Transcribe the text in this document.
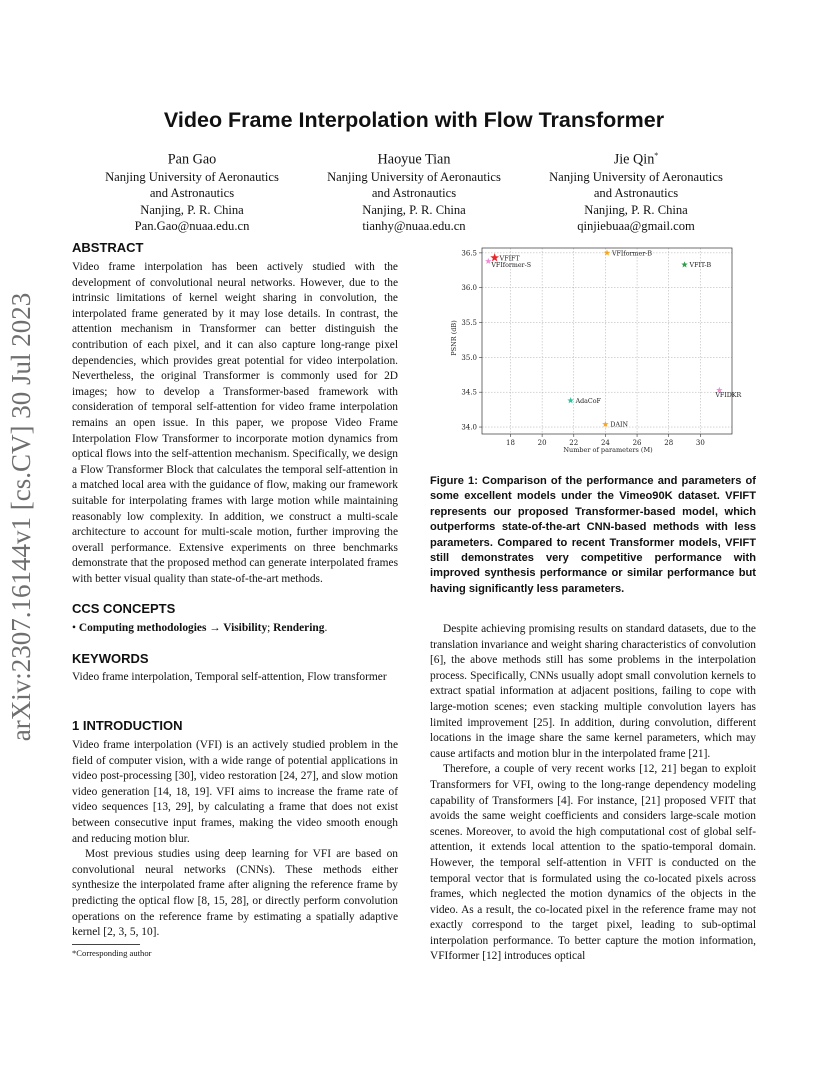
arXiv:2307.16144v1 [cs.CV] 30 Jul 2023
Video Frame Interpolation with Flow Transformer
Pan Gao
Nanjing University of Aeronautics
and Astronautics
Nanjing, P. R. China
Pan.Gao@nuaa.edu.cn
Haoyue Tian
Nanjing University of Aeronautics
and Astronautics
Nanjing, P. R. China
tianhy@nuaa.edu.cn
Jie Qin*
Nanjing University of Aeronautics
and Astronautics
Nanjing, P. R. China
qinjiebuaa@gmail.com
ABSTRACT

Video frame interpolation has been actively studied with the development of convolutional neural networks. However, due to the intrinsic limitations of kernel weight sharing in convolution, the interpolated frame generated by it may lose details. In contrast, the attention mechanism in Transformer can better distinguish the contribution of each pixel, and it can also capture long-range pixel dependencies, which provides great potential for video interpolation. Nevertheless, the original Transformer is commonly used for 2D images; how to develop a Transformer-based framework with consideration of temporal self-attention for video frame interpolation remains an open issue. In this paper, we propose Video Frame Interpolation Flow Transformer to incorporate motion dynamics from optical flows into the self-attention mechanism. Specifically, we design a Flow Transformer Block that calculates the temporal self-attention in a matched local area with the guidance of flow, making our framework suitable for interpolating frames with large motion while maintaining reasonably low complexity. In addition, we construct a multi-scale architecture to account for multi-scale motion, further improving the overall performance. Extensive experiments on three benchmarks demonstrate that the proposed method can generate interpolated frames with better visual quality than state-of-the-art methods.

CCS CONCEPTS
• Computing methodologies → Visibility; Rendering.
KEYWORDS
Video frame interpolation, Temporal self-attention, Flow transformer
1 INTRODUCTION

Video frame interpolation (VFI) is an actively studied problem in the field of computer vision, with a wide range of potential applications in video post-processing [30], video restoration [24, 27], and slow motion video generation [14, 18, 19]. VFI aims to increase the frame rate of video sequences [13, 29], by calculating a frame that does not exist between consecutive input frames, making the video smooth enough and reducing motion blur.

Most previous studies using deep learning for VFI are based on convolutional neural networks (CNNs). These methods either synthesize the interpolated frame after aligning the reference frame by predicting the optical flow [8, 15, 28], or directly perform convolution operations on the reference frame by estimating a spatially adaptive kernel [2, 3, 5, 10].

*Corresponding author
18	20	22	24	26	28	30
34.0
34.5
35.0
35.5
36.0
36.5
VFIFT
VFIformer-S
VFIformer-B
VFIT-B
AdaCoF
DAIN
VFIDKR
Number of parameters (M)
PSNR (dB)
Figure 1: Comparison of the performance and parameters of some excellent models under the Vimeo90K dataset. VFIFT represents our proposed Transformer-based model, which outperforms state-of-the-art CNN-based methods with less parameters. Compared to recent Transformer models, VFIFT still demonstrates very competitive performance with improved synthesis performance or similar performance but having significantly less parameters.

Despite achieving promising results on standard datasets, due to the translation invariance and weight sharing characteristics of convolution [6], the above methods still has some problems in the interpolation process. Specifically, CNNs usually adopt small convolution kernels to extract spatial information at adjacent positions, failing to cope with large-motion scenes; even stacking multiple convolution layers has limited improvement [25]. In addition, during convolution, different locations in the image share the same kernel parameters, which may cause artifacts and motion blur in the interpolated frame [21].

Therefore, a couple of very recent works [12, 21] began to exploit Transformers for VFI, owing to the long-range dependency modeling capability of Transformers [4]. For instance, [21] proposed VFIT that avoids the same weight coefficients and considers large-scale motion scenes. Moreover, to avoid the high computational cost of global self-attention, it extends local attention to the spatio-temporal domain. However, the temporal self-attention in VFIT is conducted on the temporal vector that is formulated using the co-located pixels across frames, which neglected the motion dynamics of the objects in the video. As a result, the co-located pixel in the reference frame may not exactly correspond to the target pixel, leading to sub-optimal interpolation performance. To better capture the motion information, VFIformer [12] introduces optical
